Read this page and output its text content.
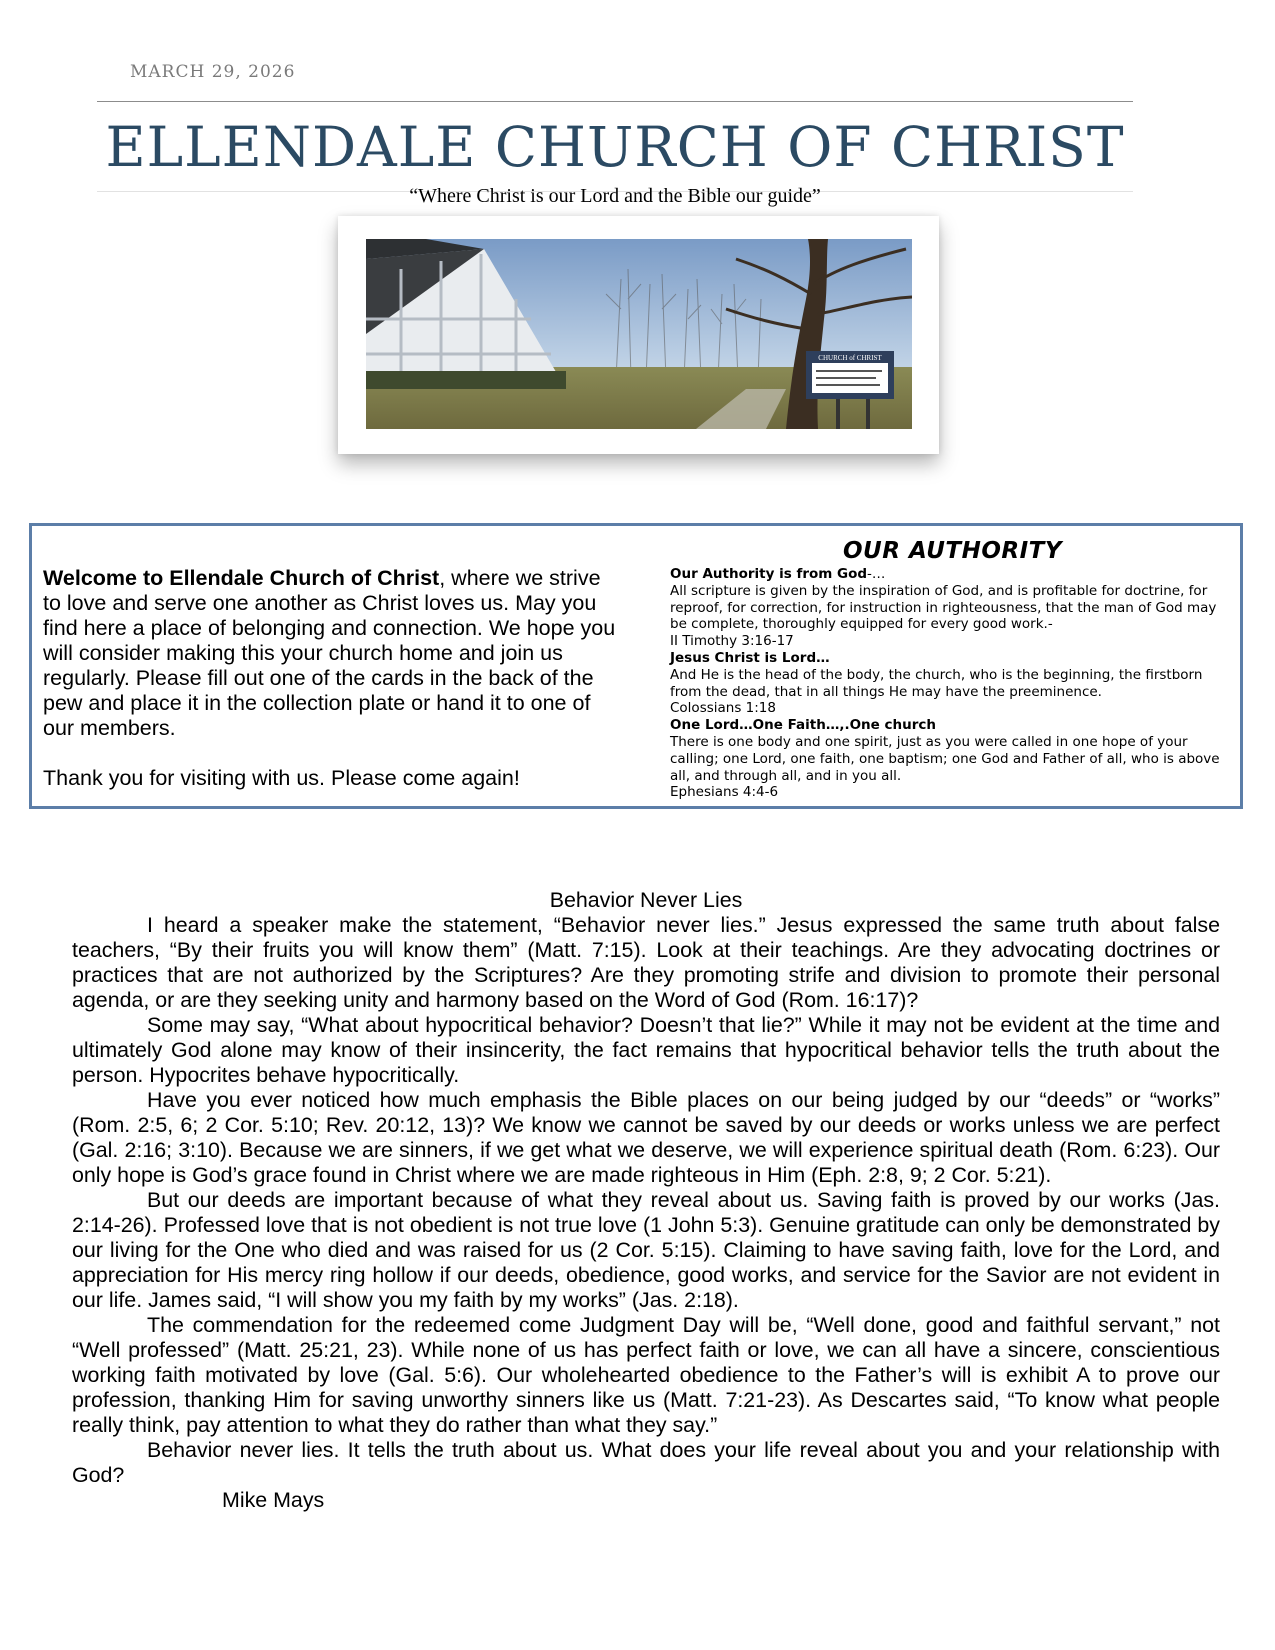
MARCH 29, 2026
ELLENDALE CHURCH OF CHRIST
“Where Christ is our Lord and the Bible our guide”
CHURCH of CHRIST

Welcome to Ellendale Church of Christ, where we strive to love and serve one another as Christ loves us. May you find here a place of belonging and connection. We hope you will consider making this your church home and join us regularly. Please fill out one of the cards in the back of the pew and place it in the collection plate or hand it to one of our members.

Thank you for visiting with us. Please come again!

OUR AUTHORITY

Our Authority is from God-…

All scripture is given by the inspiration of God, and is profitable for doctrine, for reproof, for correction, for instruction in righteousness, that the man of God may be complete, thoroughly equipped for every good work.-

II Timothy 3:16-17

Jesus Christ is Lord…

And He is the head of the body, the church, who is the beginning, the firstborn from the dead, that in all things He may have the preeminence.

Colossians 1:18

One Lord…One Faith…,.One church

There is one body and one spirit, just as you were called in one hope of your calling; one Lord, one faith, one baptism; one God and Father of all, who is above all, and through all, and in you all.

Ephesians 4:4-6

Behavior Never Lies

I heard a speaker make the statement, “Behavior never lies.” Jesus expressed the same truth about false teachers, “By their fruits you will know them” (Matt. 7:15). Look at their teachings. Are they advocating doctrines or practices that are not authorized by the Scriptures? Are they promoting strife and division to promote their personal agenda, or are they seeking unity and harmony based on the Word of God (Rom. 16:17)?

Some may say, “What about hypocritical behavior? Doesn’t that lie?” While it may not be evident at the time and ultimately God alone may know of their insincerity, the fact remains that hypocritical behavior tells the truth about the person. Hypocrites behave hypocritically.

Have you ever noticed how much emphasis the Bible places on our being judged by our “deeds” or “works” (Rom. 2:5, 6; 2 Cor. 5:10; Rev. 20:12, 13)? We know we cannot be saved by our deeds or works unless we are perfect (Gal. 2:16; 3:10). Because we are sinners, if we get what we deserve, we will experience spiritual death (Rom. 6:23). Our only hope is God’s grace found in Christ where we are made righteous in Him (Eph. 2:8, 9; 2 Cor. 5:21).

But our deeds are important because of what they reveal about us. Saving faith is proved by our works (Jas. 2:14-26). Professed love that is not obedient is not true love (1 John 5:3). Genuine gratitude can only be demonstrated by our living for the One who died and was raised for us (2 Cor. 5:15). Claiming to have saving faith, love for the Lord, and appreciation for His mercy ring hollow if our deeds, obedience, good works, and service for the Savior are not evident in our life. James said, “I will show you my faith by my works” (Jas. 2:18).

The commendation for the redeemed come Judgment Day will be, “Well done, good and faithful servant,” not “Well professed” (Matt. 25:21, 23). While none of us has perfect faith or love, we can all have a sincere, conscientious working faith motivated by love (Gal. 5:6). Our wholehearted obedience to the Father’s will is exhibit A to prove our profession, thanking Him for saving unworthy sinners like us (Matt. 7:21-23). As Descartes said, “To know what people really think, pay attention to what they do rather than what they say.”

Behavior never lies. It tells the truth about us. What does your life reveal about you and your relationship with God?

Mike Mays
